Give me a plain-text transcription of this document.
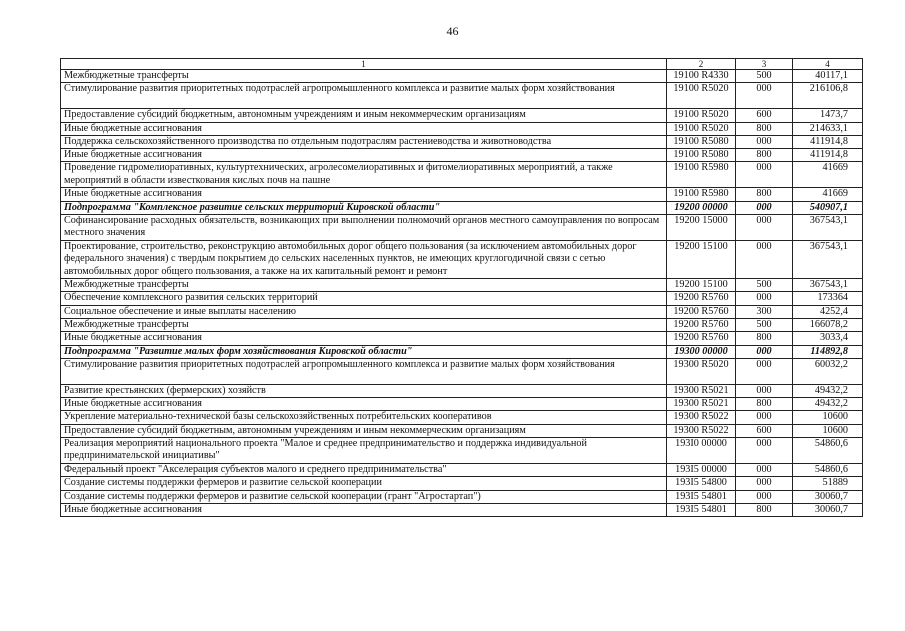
46
1	2	3	4
Межбюджетные трансферты	19100 R4330	500	40117,1
Стимулирование развития приоритетных подотраслей агропромышленного комплекса и развитие малых форм хозяйствования	19100 R5020	000	216106,8
Предоставление субсидий бюджетным, автономным учреждениям и иным некоммерческим организациям	19100 R5020	600	1473,7
Иные бюджетные ассигнования	19100 R5020	800	214633,1
Поддержка сельскохозяйственного производства по отдельным подотраслям растениеводства и животноводства	19100 R5080	000	411914,8
Иные бюджетные ассигнования	19100 R5080	800	411914,8
Проведение гидромелиоративных, культуртехнических, агролесомелиоративных и фитомелиоративных мероприятий, а также мероприятий в области известкования кислых почв на пашне	19100 R5980	000	41669
Иные бюджетные ассигнования	19100 R5980	800	41669
Подпрограмма "Комплексное развитие сельских территорий Кировской области"	19200 00000	000	540907,1
Софинансирование расходных обязательств, возникающих при выполнении полномочий органов местного самоуправления по вопросам местного значения	19200 15000	000	367543,1
Проектирование, строительство, реконструкцию автомобильных дорог общего пользования (за исключением автомобильных дорог федерального значения) с твердым покрытием до сельских населенных пунктов, не имеющих круглогодичной связи с сетью автомобильных дорог общего пользования, а также на их капитальный ремонт и ремонт	19200 15100	000	367543,1
Межбюджетные трансферты	19200 15100	500	367543,1
Обеспечение комплексного развития сельских территорий	19200 R5760	000	173364
Социальное обеспечение и иные выплаты населению	19200 R5760	300	4252,4
Межбюджетные трансферты	19200 R5760	500	166078,2
Иные бюджетные ассигнования	19200 R5760	800	3033,4
Подпрограмма "Развитие малых форм хозяйствования Кировской области"	19300 00000	000	114892,8
Стимулирование развития приоритетных подотраслей агропромышленного комплекса и развитие малых форм хозяйствования	19300 R5020	000	60032,2
Развитие крестьянских (фермерских) хозяйств	19300 R5021	000	49432,2
Иные бюджетные ассигнования	19300 R5021	800	49432,2
Укрепление материально-технической базы сельскохозяйственных потребительских кооперативов	19300 R5022	000	10600
Предоставление субсидий бюджетным, автономным учреждениям и иным некоммерческим организациям	19300 R5022	600	10600
Реализация мероприятий национального проекта "Малое и среднее предпринимательство и поддержка индивидуальной предпринимательской инициативы"	193I0 00000	000	54860,6
Федеральный проект "Акселерация субъектов малого и среднего предпринимательства"	193I5 00000	000	54860,6
Создание системы поддержки фермеров и развитие сельской кооперации	193I5 54800	000	51889
Создание системы поддержки фермеров и развитие сельской кооперации (грант "Агростартап")	193I5 54801	000	30060,7
Иные бюджетные ассигнования	193I5 54801	800	30060,7
